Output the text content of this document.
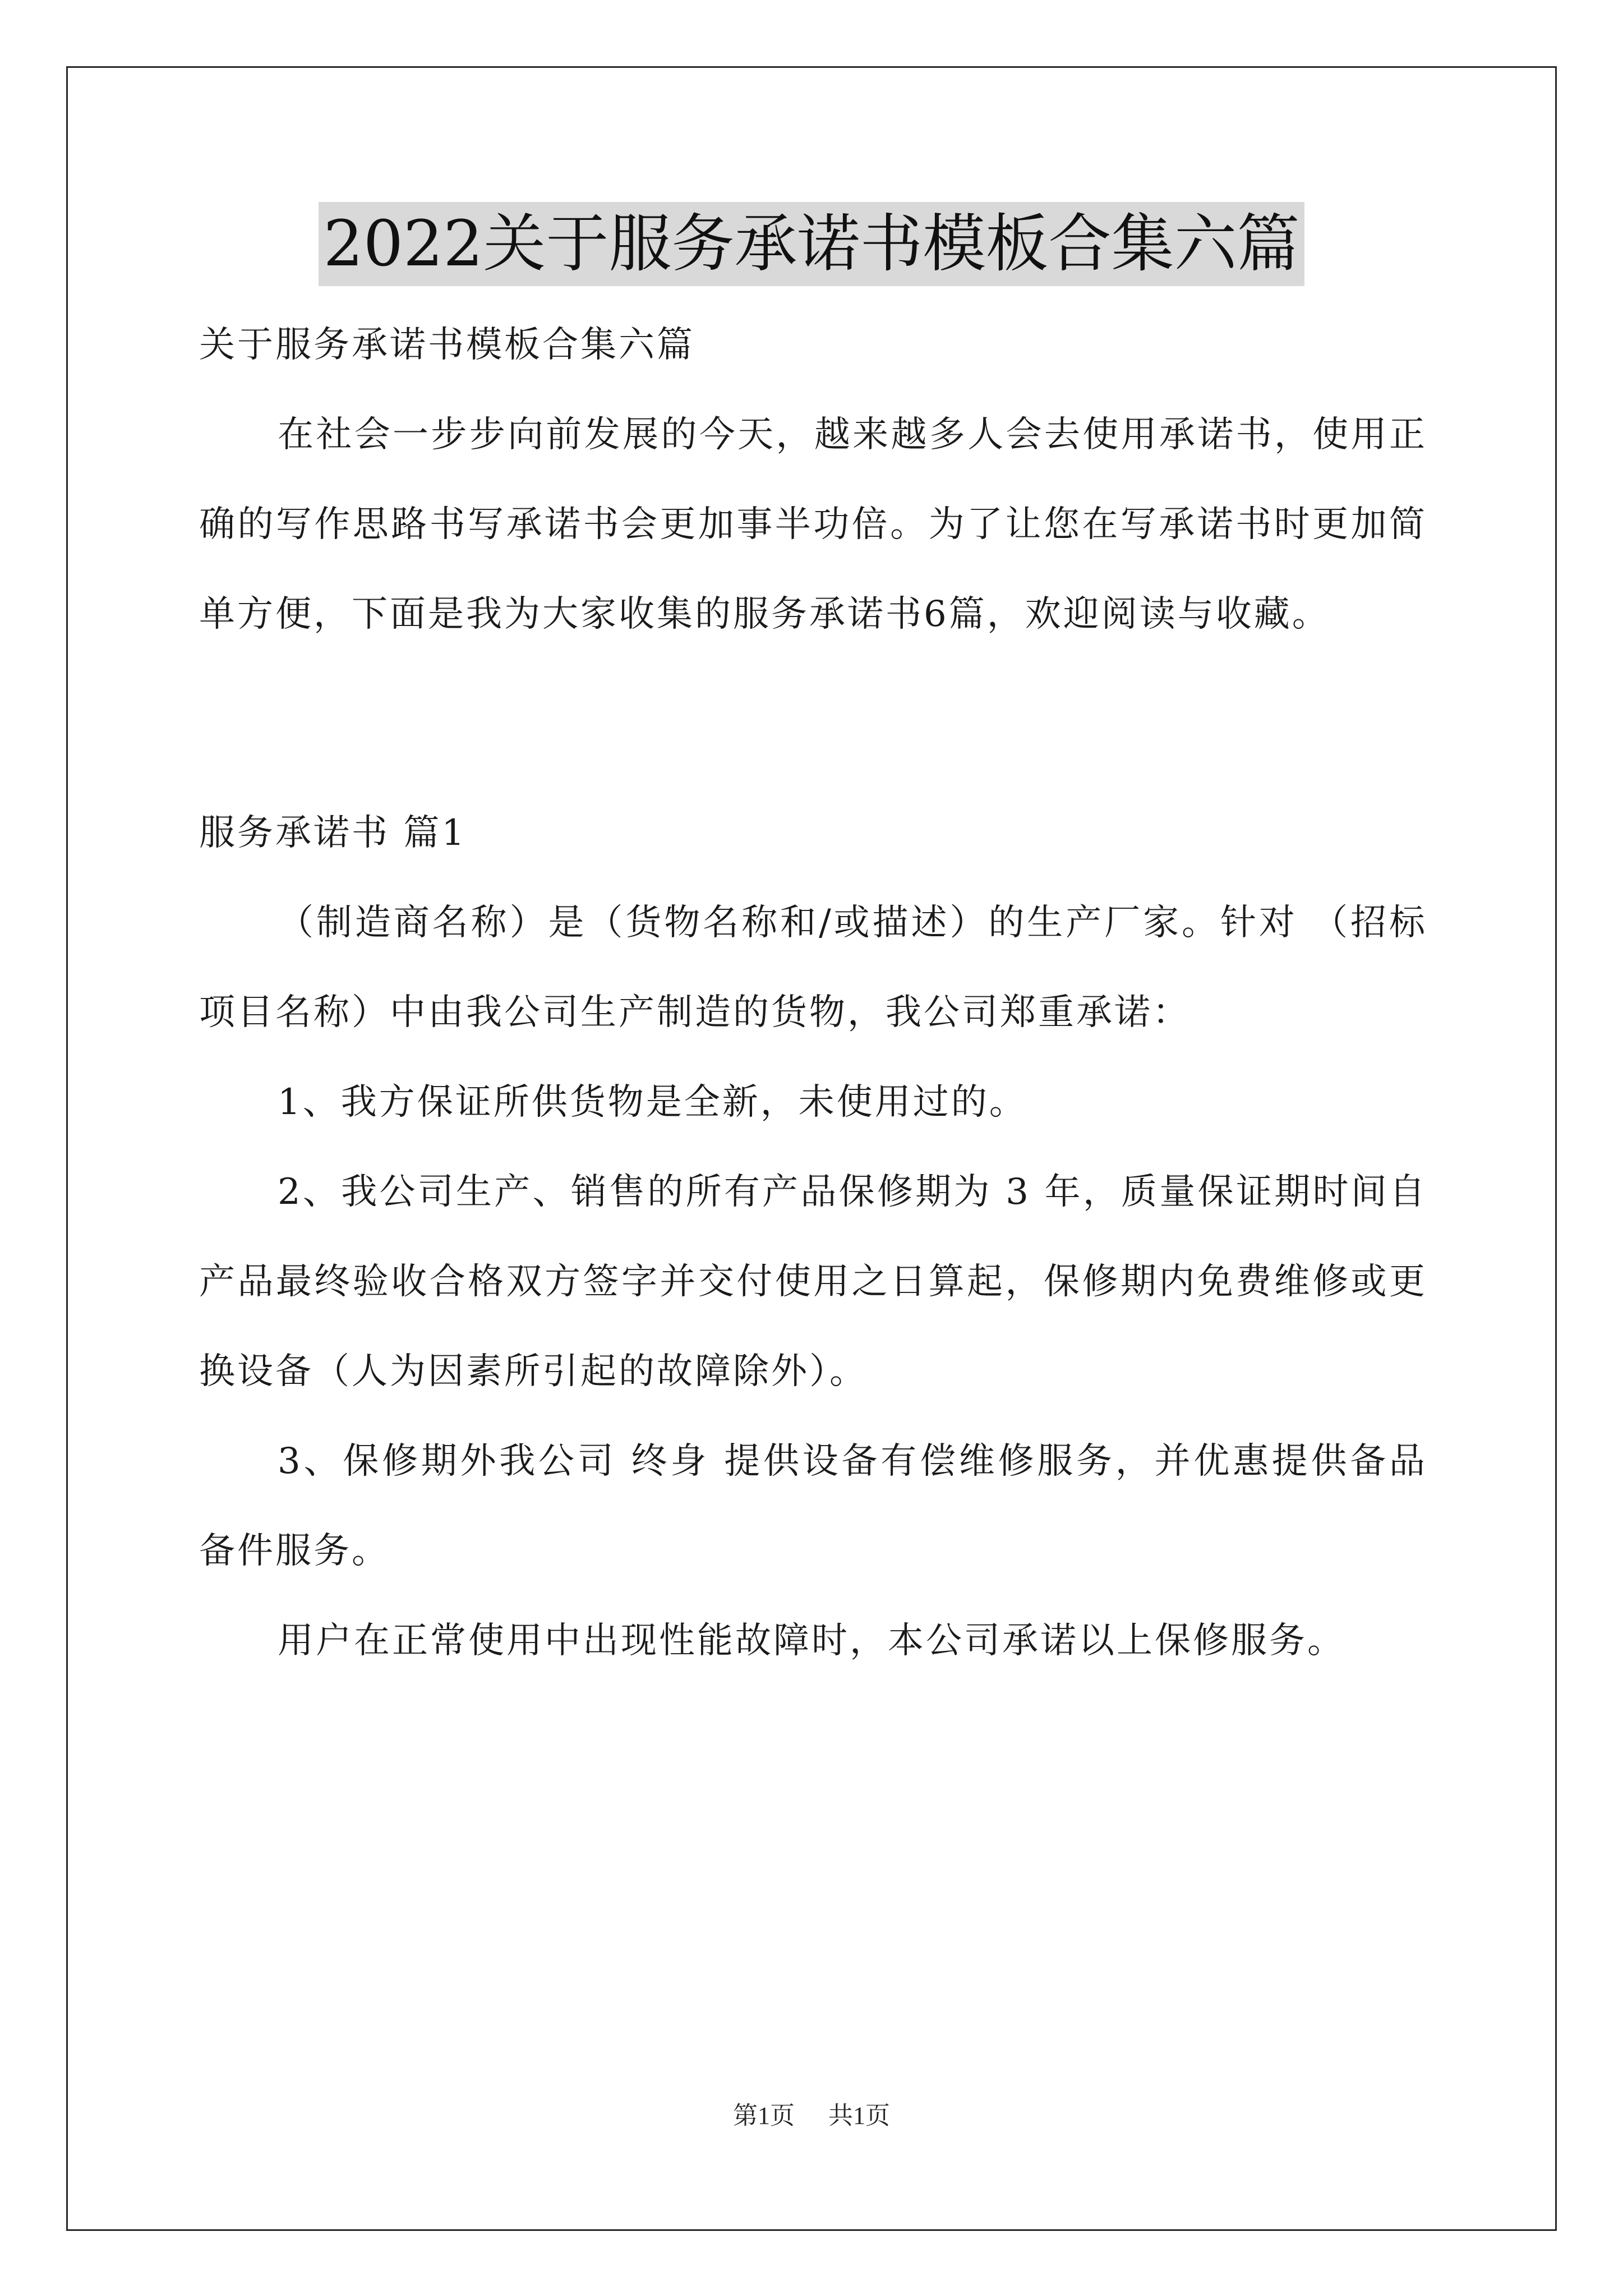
2022关于服务承诺书模板合集六篇

关于服务承诺书模板合集六篇

在社会一步步向前发展的今天，越来越多人会去使用承诺书，使用正确的写作思路书写承诺书会更加事半功倍。为了让您在写承诺书时更加简单方便，下面是我为大家收集的服务承诺书6篇，欢迎阅读与收藏。

服务承诺书 篇1

（制造商名称）是（货物名称和/或描述）的生产厂家。针对 （招标项目名称）中由我公司生产制造的货物，我公司郑重承诺：

1、我方保证所供货物是全新，未使用过的。

2、我公司生产、销售的所有产品保修期为 3 年，质量保证期时间自产品最终验收合格双方签字并交付使用之日算起，保修期内免费维修或更换设备（人为因素所引起的故障除外）。

3、保修期外我公司 终身 提供设备有偿维修服务，并优惠提供备品备件服务。

用户在正常使用中出现性能故障时，本公司承诺以上保修服务。

第1页 共1页
